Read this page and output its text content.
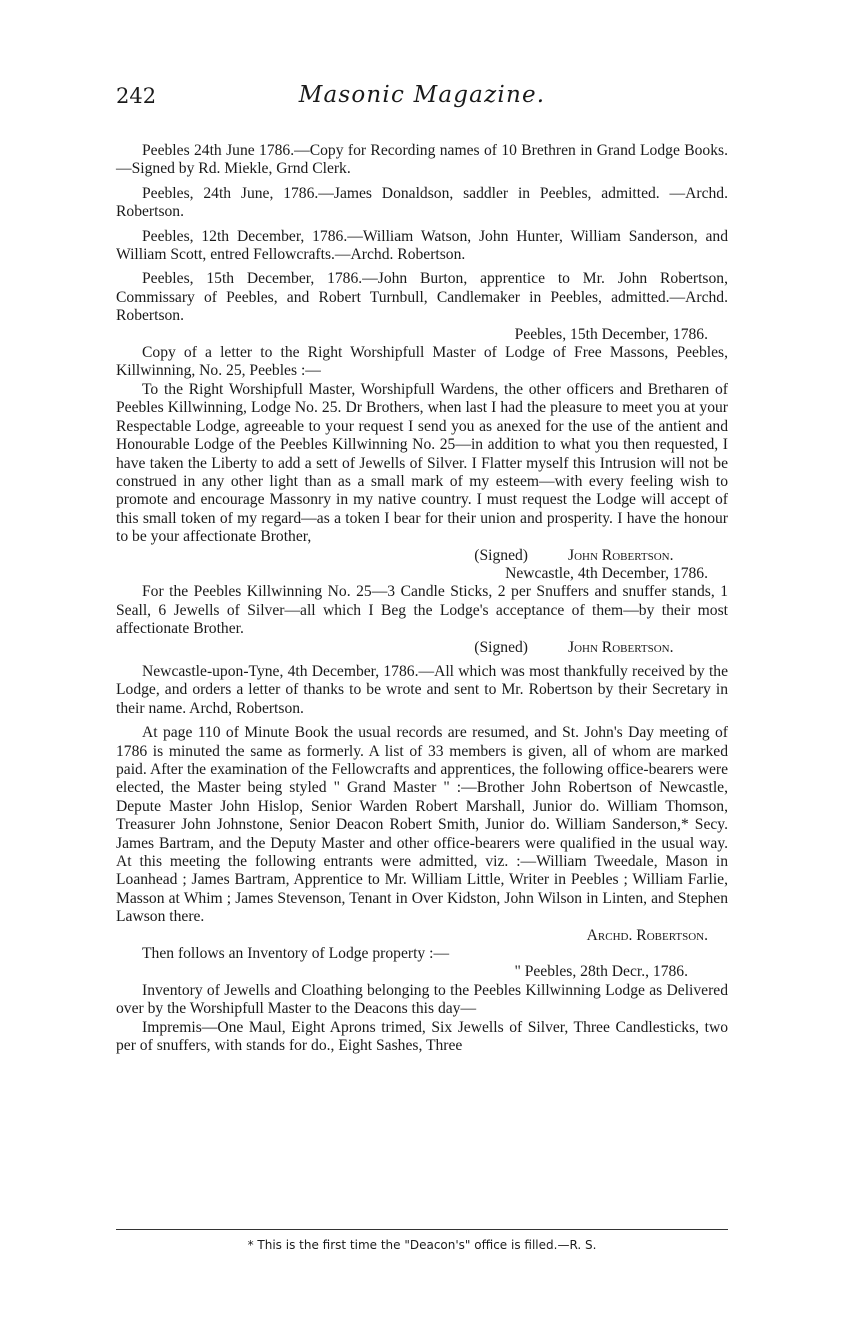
242	Masonic Magazine.

Peebles 24th June 1786.—Copy for Recording names of 10 Brethren in Grand Lodge Books.—Signed by Rd. Miekle, Grnd Clerk.

Peebles, 24th June, 1786.—James Donaldson, saddler in Peebles, admitted. —Archd. Robertson.

Peebles, 12th December, 1786.—William Watson, John Hunter, William Sanderson, and William Scott, entred Fellowcrafts.—Archd. Robertson.

Peebles, 15th December, 1786.—John Burton, apprentice to Mr. John Robertson, Commissary of Peebles, and Robert Turnbull, Candlemaker in Peebles, admitted.—Archd. Robertson.

Peebles, 15th December, 1786.

Copy of a letter to the Right Worshipfull Master of Lodge of Free Massons, Peebles, Killwinning, No. 25, Peebles :—

To the Right Worshipfull Master, Worshipfull Wardens, the other officers and Bretharen of Peebles Killwinning, Lodge No. 25. Dr Brothers, when last I had the pleasure to meet you at your Respectable Lodge, agreeable to your request I send you as anexed for the use of the antient and Honourable Lodge of the Peebles Killwinning No. 25—in addition to what you then requested, I have taken the Liberty to add a sett of Jewells of Silver. I Flatter myself this Intrusion will not be construed in any other light than as a small mark of my esteem—with every feeling wish to promote and encourage Massonry in my native country. I must request the Lodge will accept of this small token of my regard—as a token I bear for their union and prosperity. I have the honour to be your affectionate Brother,

(Signed)	John Robertson.

Newcastle, 4th December, 1786.

For the Peebles Killwinning No. 25—3 Candle Sticks, 2 per Snuffers and snuffer stands, 1 Seall, 6 Jewells of Silver—all which I Beg the Lodge's acceptance of them—by their most affectionate Brother.

(Signed)	John Robertson.

Newcastle-upon-Tyne, 4th December, 1786.—All which was most thankfully received by the Lodge, and orders a letter of thanks to be wrote and sent to Mr. Robertson by their Secretary in their name. Archd, Robertson.

At page 110 of Minute Book the usual records are resumed, and St. John's Day meeting of 1786 is minuted the same as formerly. A list of 33 members is given, all of whom are marked paid. After the examination of the Fellowcrafts and apprentices, the following office-bearers were elected, the Master being styled " Grand Master " :—Brother John Robertson of Newcastle, Depute Master John Hislop, Senior Warden Robert Marshall, Junior do. William Thomson, Treasurer John Johnstone, Senior Deacon Robert Smith, Junior do. William Sanderson,* Secy. James Bartram, and the Deputy Master and other office-bearers were qualified in the usual way. At this meeting the following entrants were admitted, viz. :—William Tweedale, Mason in Loanhead ; James Bartram, Apprentice to Mr. William Little, Writer in Peebles ; William Farlie, Masson at Whim ; James Stevenson, Tenant in Over Kidston, John Wilson in Linten, and Stephen Lawson there.

Archd. Robertson.

Then follows an Inventory of Lodge property :—

" Peebles, 28th Decr., 1786.

Inventory of Jewells and Cloathing belonging to the Peebles Killwinning Lodge as Delivered over by the Worshipfull Master to the Deacons this day—

Impremis—One Maul, Eight Aprons trimed, Six Jewells of Silver, Three Candlesticks, two per of snuffers, with stands for do., Eight Sashes, Three

* This is the first time the "Deacon's" office is filled.—R. S.
